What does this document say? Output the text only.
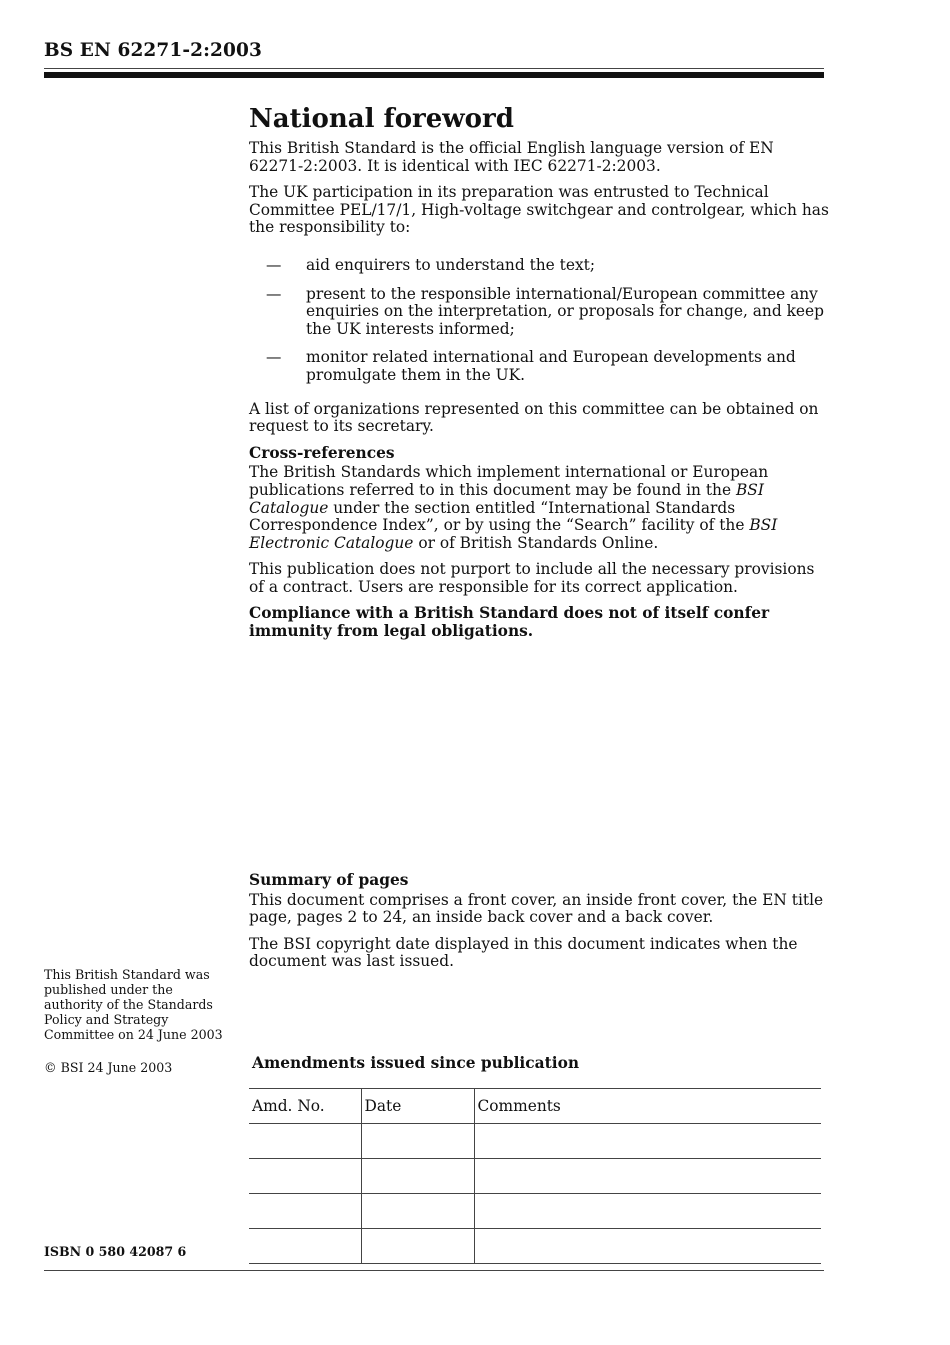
BS EN 62271-2:2003
National foreword

This British Standard is the official English language version of EN 62271-2:2003. It is identical with IEC 62271-2:2003.

The UK participation in its preparation was entrusted to Technical Committee PEL/17/1, High-voltage switchgear and controlgear, which has the responsibility to:

— aid enquirers to understand the text;
— present to the responsible international/European committee any enquiries on the interpretation, or proposals for change, and keep the UK interests informed;
— monitor related international and European developments and promulgate them in the UK.

A list of organizations represented on this committee can be obtained on request to its secretary.

Cross-references

The British Standards which implement international or European publications referred to in this document may be found in the BSI Catalogue under the section entitled “International Standards Correspondence Index”, or by using the “Search” facility of the BSI Electronic Catalogue or of British Standards Online.

This publication does not purport to include all the necessary provisions of a contract. Users are responsible for its correct application.

Compliance with a British Standard does not of itself confer immunity from legal obligations.

Summary of pages

This document comprises a front cover, an inside front cover, the EN title page, pages 2 to 24, an inside back cover and a back cover.

The BSI copyright date displayed in this document indicates when the document was last issued.

This British Standard was published under the authority of the Standards Policy and Strategy Committee on 24 June 2003
© BSI 24 June 2003	Amendments issued since publication
Amd. No.	Date	Comments

ISBN 0 580 42087 6
